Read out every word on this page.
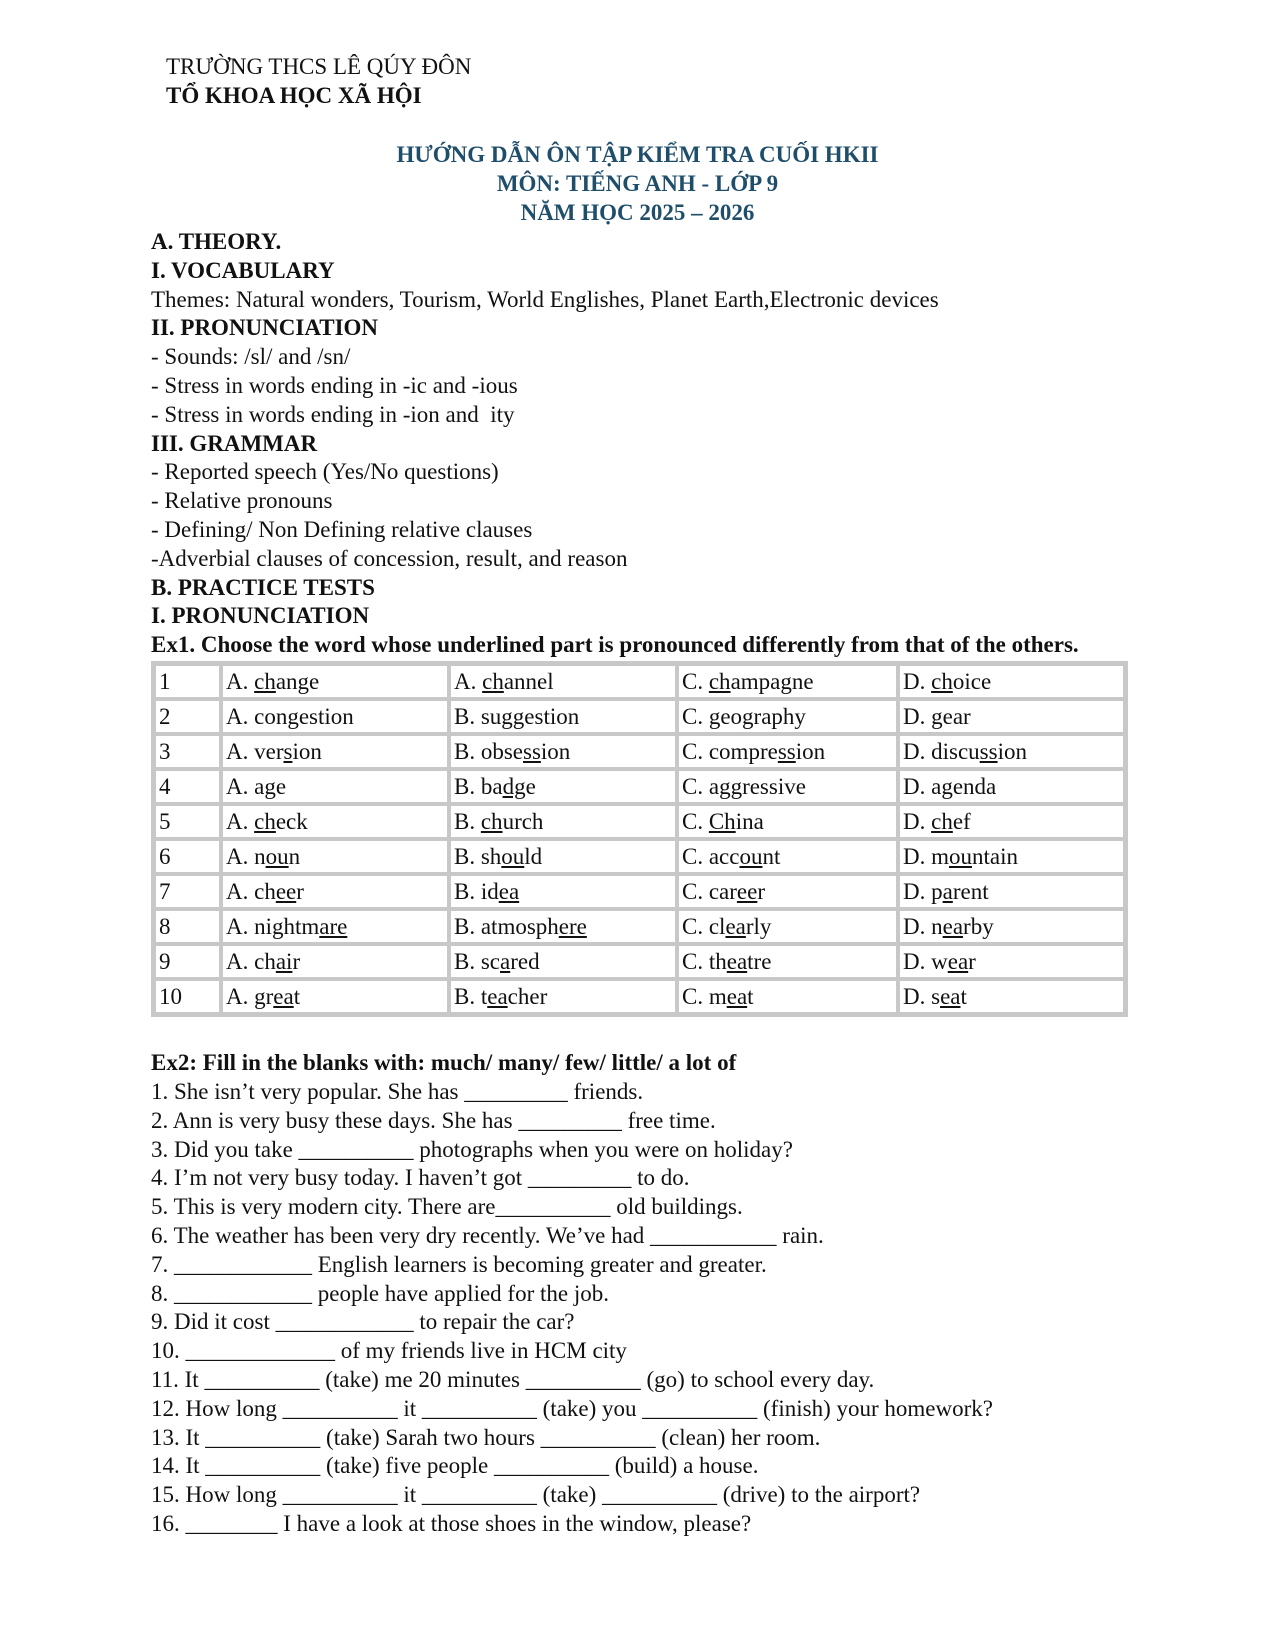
TRƯỜNG THCS LÊ QÚY ĐÔN
TỔ KHOA HỌC XÃ HỘI
HƯỚNG DẪN ÔN TẬP KIỂM TRA CUỐI HKII
MÔN: TIẾNG ANH - LỚP 9
NĂM HỌC 2025 – 2026
A. THEORY.
I. VOCABULARY
Themes: Natural wonders, Tourism, World Englishes, Planet Earth,Electronic devices
II. PRONUNCIATION
- Sounds: /sl/ and /sn/
- Stress in words ending in -ic and -ious
- Stress in words ending in -ion and  ity
III. GRAMMAR
- Reported speech (Yes/No questions)
- Relative pronouns
- Defining/ Non Defining relative clauses
-Adverbial clauses of concession, result, and reason
B. PRACTICE TESTS
I. PRONUNCIATION
Ex1. Choose the word whose underlined part is pronounced differently from that of the others.
1	A. change	A. channel	C. champagne	D. choice
2	A. congestion	B. suggestion	C. geography	D. gear
3	A. version	B. obsession	C. compression	D. discussion
4	A. age	B. badge	C. aggressive	D. agenda
5	A. check	B. church	C. China	D. chef
6	A. noun	B. should	C. account	D. mountain
7	A. cheer	B. idea	C. career	D. parent
8	A. nightmare	B. atmosphere	C. clearly	D. nearby
9	A. chair	B. scared	C. theatre	D. wear
10	A. great	B. teacher	C. meat	D. seat
Ex2: Fill in the blanks with: much/ many/ few/ little/ a lot of
1. She isn’t very popular. She has _________ friends.
2. Ann is very busy these days. She has _________ free time.
3. Did you take __________ photographs when you were on holiday?
4. I’m not very busy today. I haven’t got _________ to do.
5. This is very modern city. There are__________ old buildings.
6. The weather has been very dry recently. We’ve had ___________ rain.
7. ____________ English learners is becoming greater and greater.
8. ____________ people have applied for the job.
9. Did it cost ____________ to repair the car?
10. _____________ of my friends live in HCM city
11. It __________ (take) me 20 minutes __________ (go) to school every day.
12. How long __________ it __________ (take) you __________ (finish) your homework?
13. It __________ (take) Sarah two hours __________ (clean) her room.
14. It __________ (take) five people __________ (build) a house.
15. How long __________ it __________ (take) __________ (drive) to the airport?
16. ________ I have a look at those shoes in the window, please?
